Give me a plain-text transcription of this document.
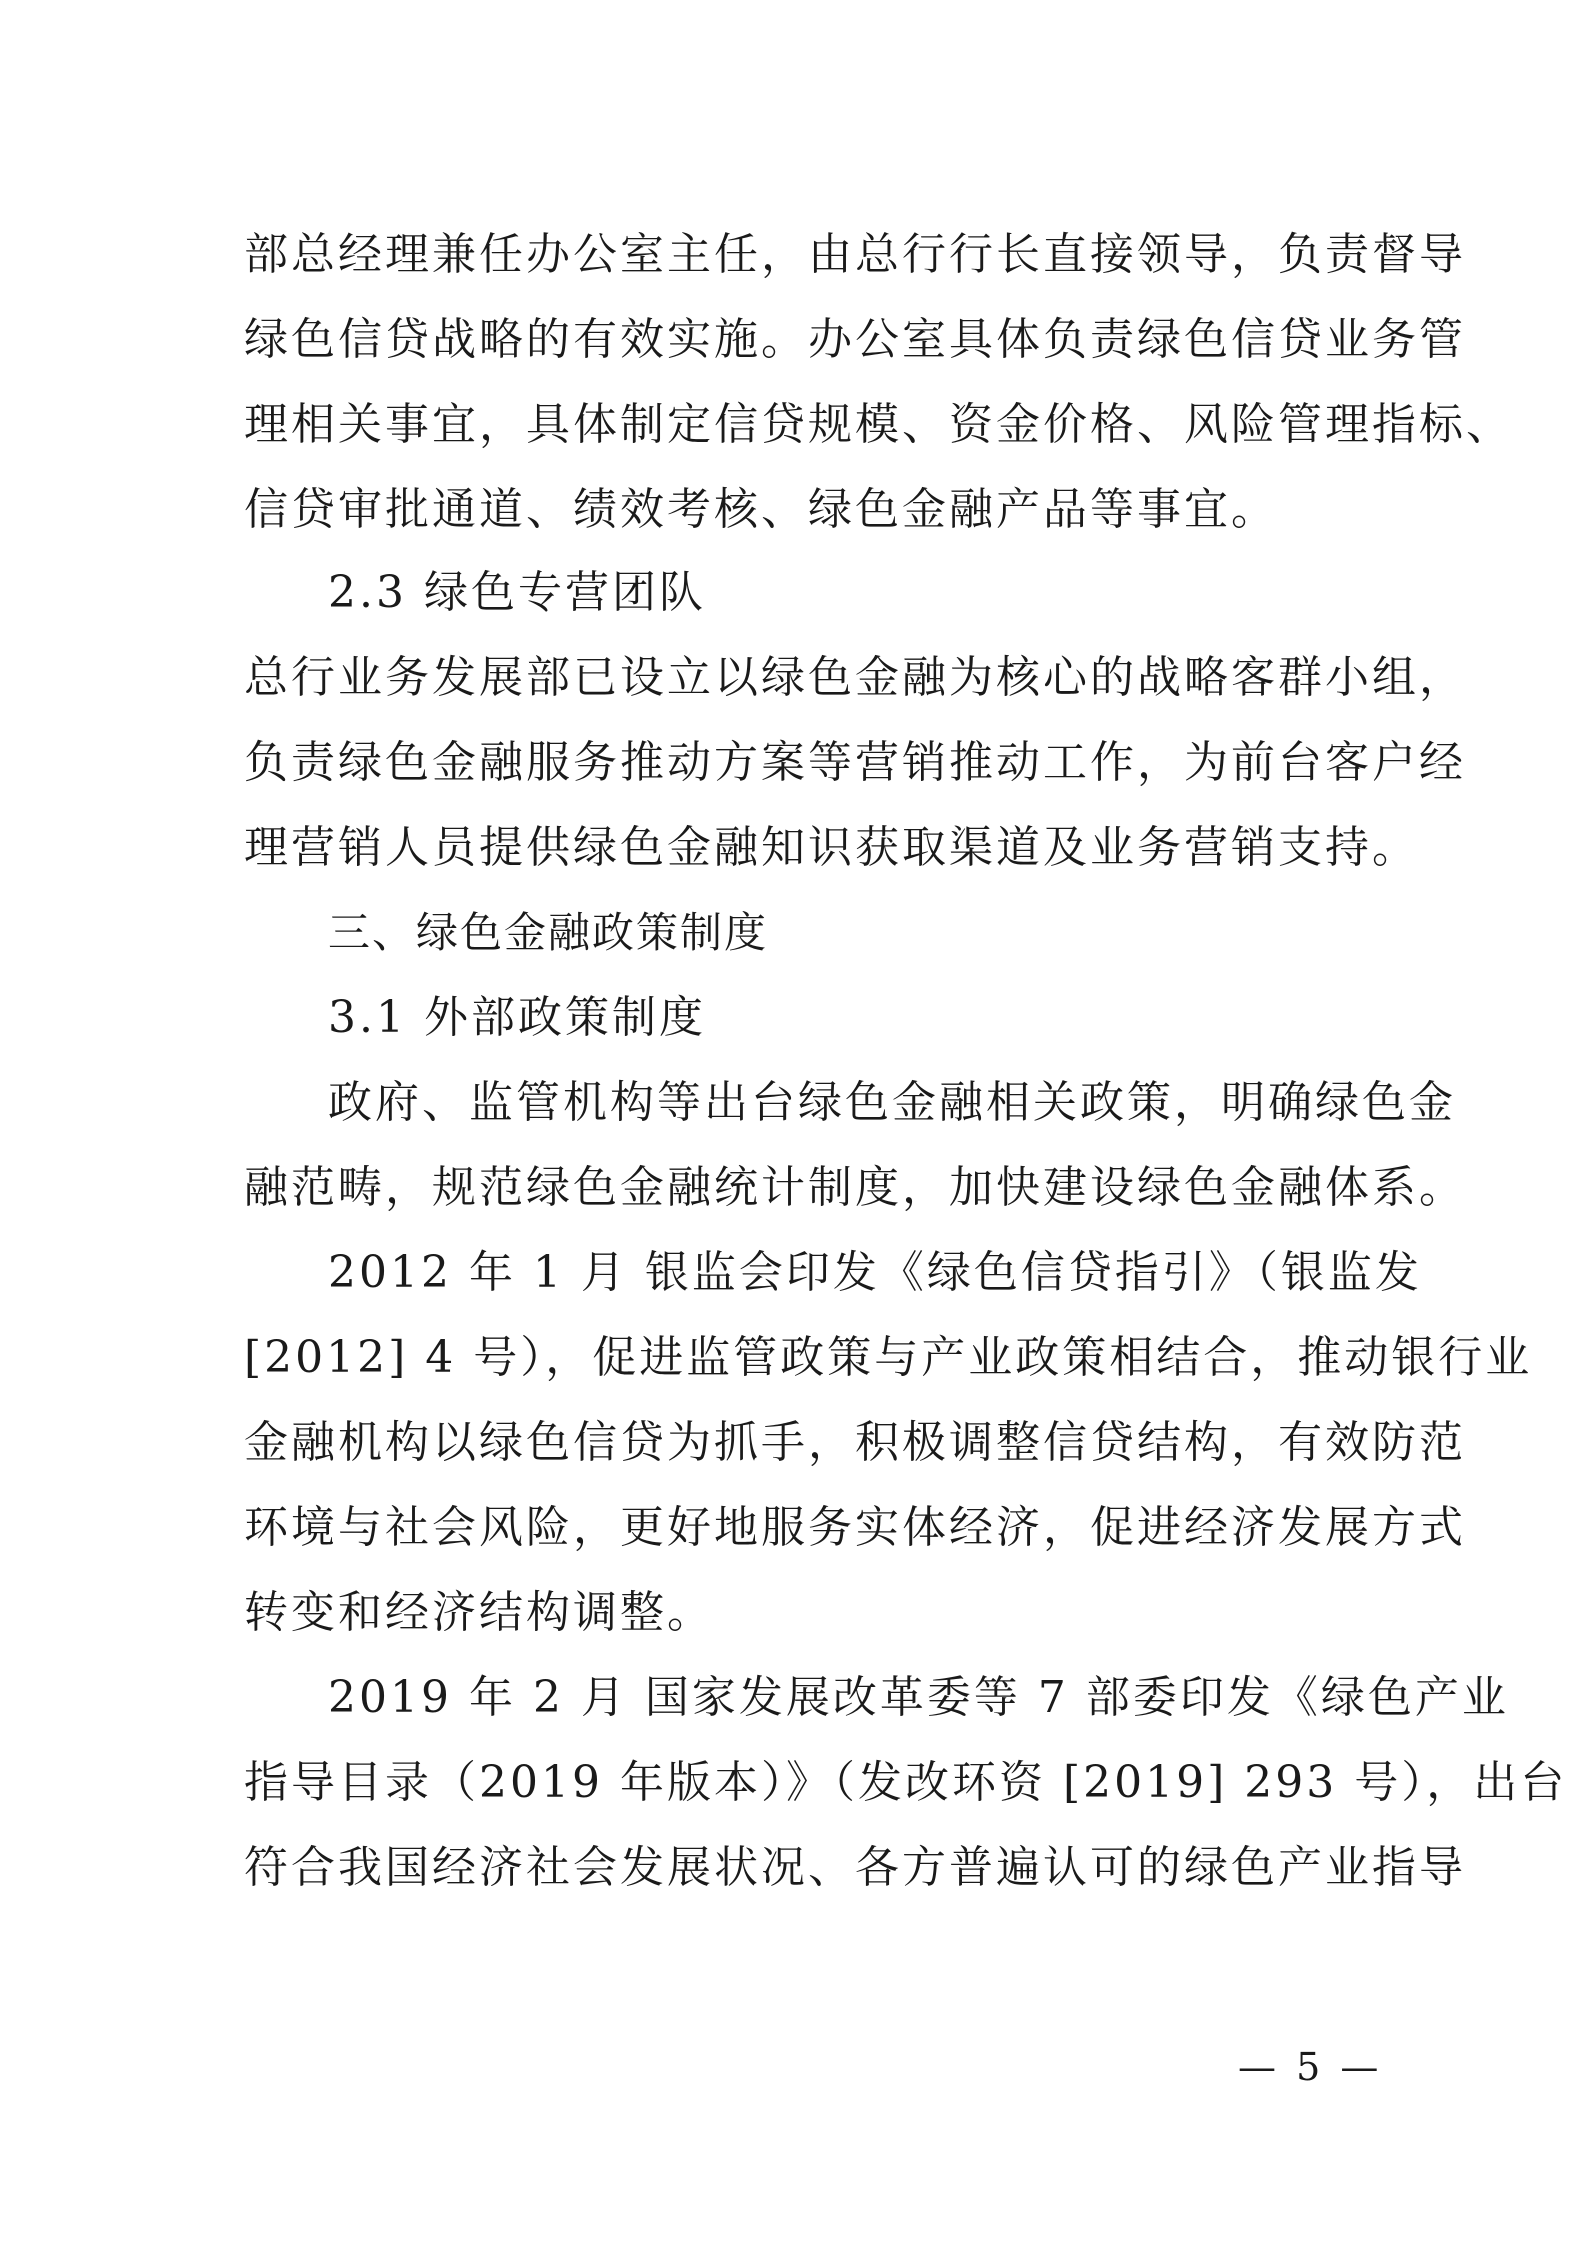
部总经理兼任办公室主任，由总行行长直接领导，负责督导
绿色信贷战略的有效实施。办公室具体负责绿色信贷业务管
理相关事宜，具体制定信贷规模、资金价格、风险管理指标、
信贷审批通道、绩效考核、绿色金融产品等事宜。
2.3 绿色专营团队
总行业务发展部已设立以绿色金融为核心的战略客群小组，
负责绿色金融服务推动方案等营销推动工作，为前台客户经
理营销人员提供绿色金融知识获取渠道及业务营销支持。
三、绿色金融政策制度
3.1 外部政策制度
政府、监管机构等出台绿色金融相关政策，明确绿色金
融范畴，规范绿色金融统计制度，加快建设绿色金融体系。
2012 年 1 月 银监会印发《绿色信贷指引》（银监发
[2012] 4 号），促进监管政策与产业政策相结合，推动银行业
金融机构以绿色信贷为抓手，积极调整信贷结构，有效防范
环境与社会风险，更好地服务实体经济，促进经济发展方式
转变和经济结构调整。
2019 年 2 月 国家发展改革委等 7 部委印发《绿色产业
指导目录（2019 年版本）》（发改环资 [2019] 293 号），出台
符合我国经济社会发展状况、各方普遍认可的绿色产业指导
— 5 —
